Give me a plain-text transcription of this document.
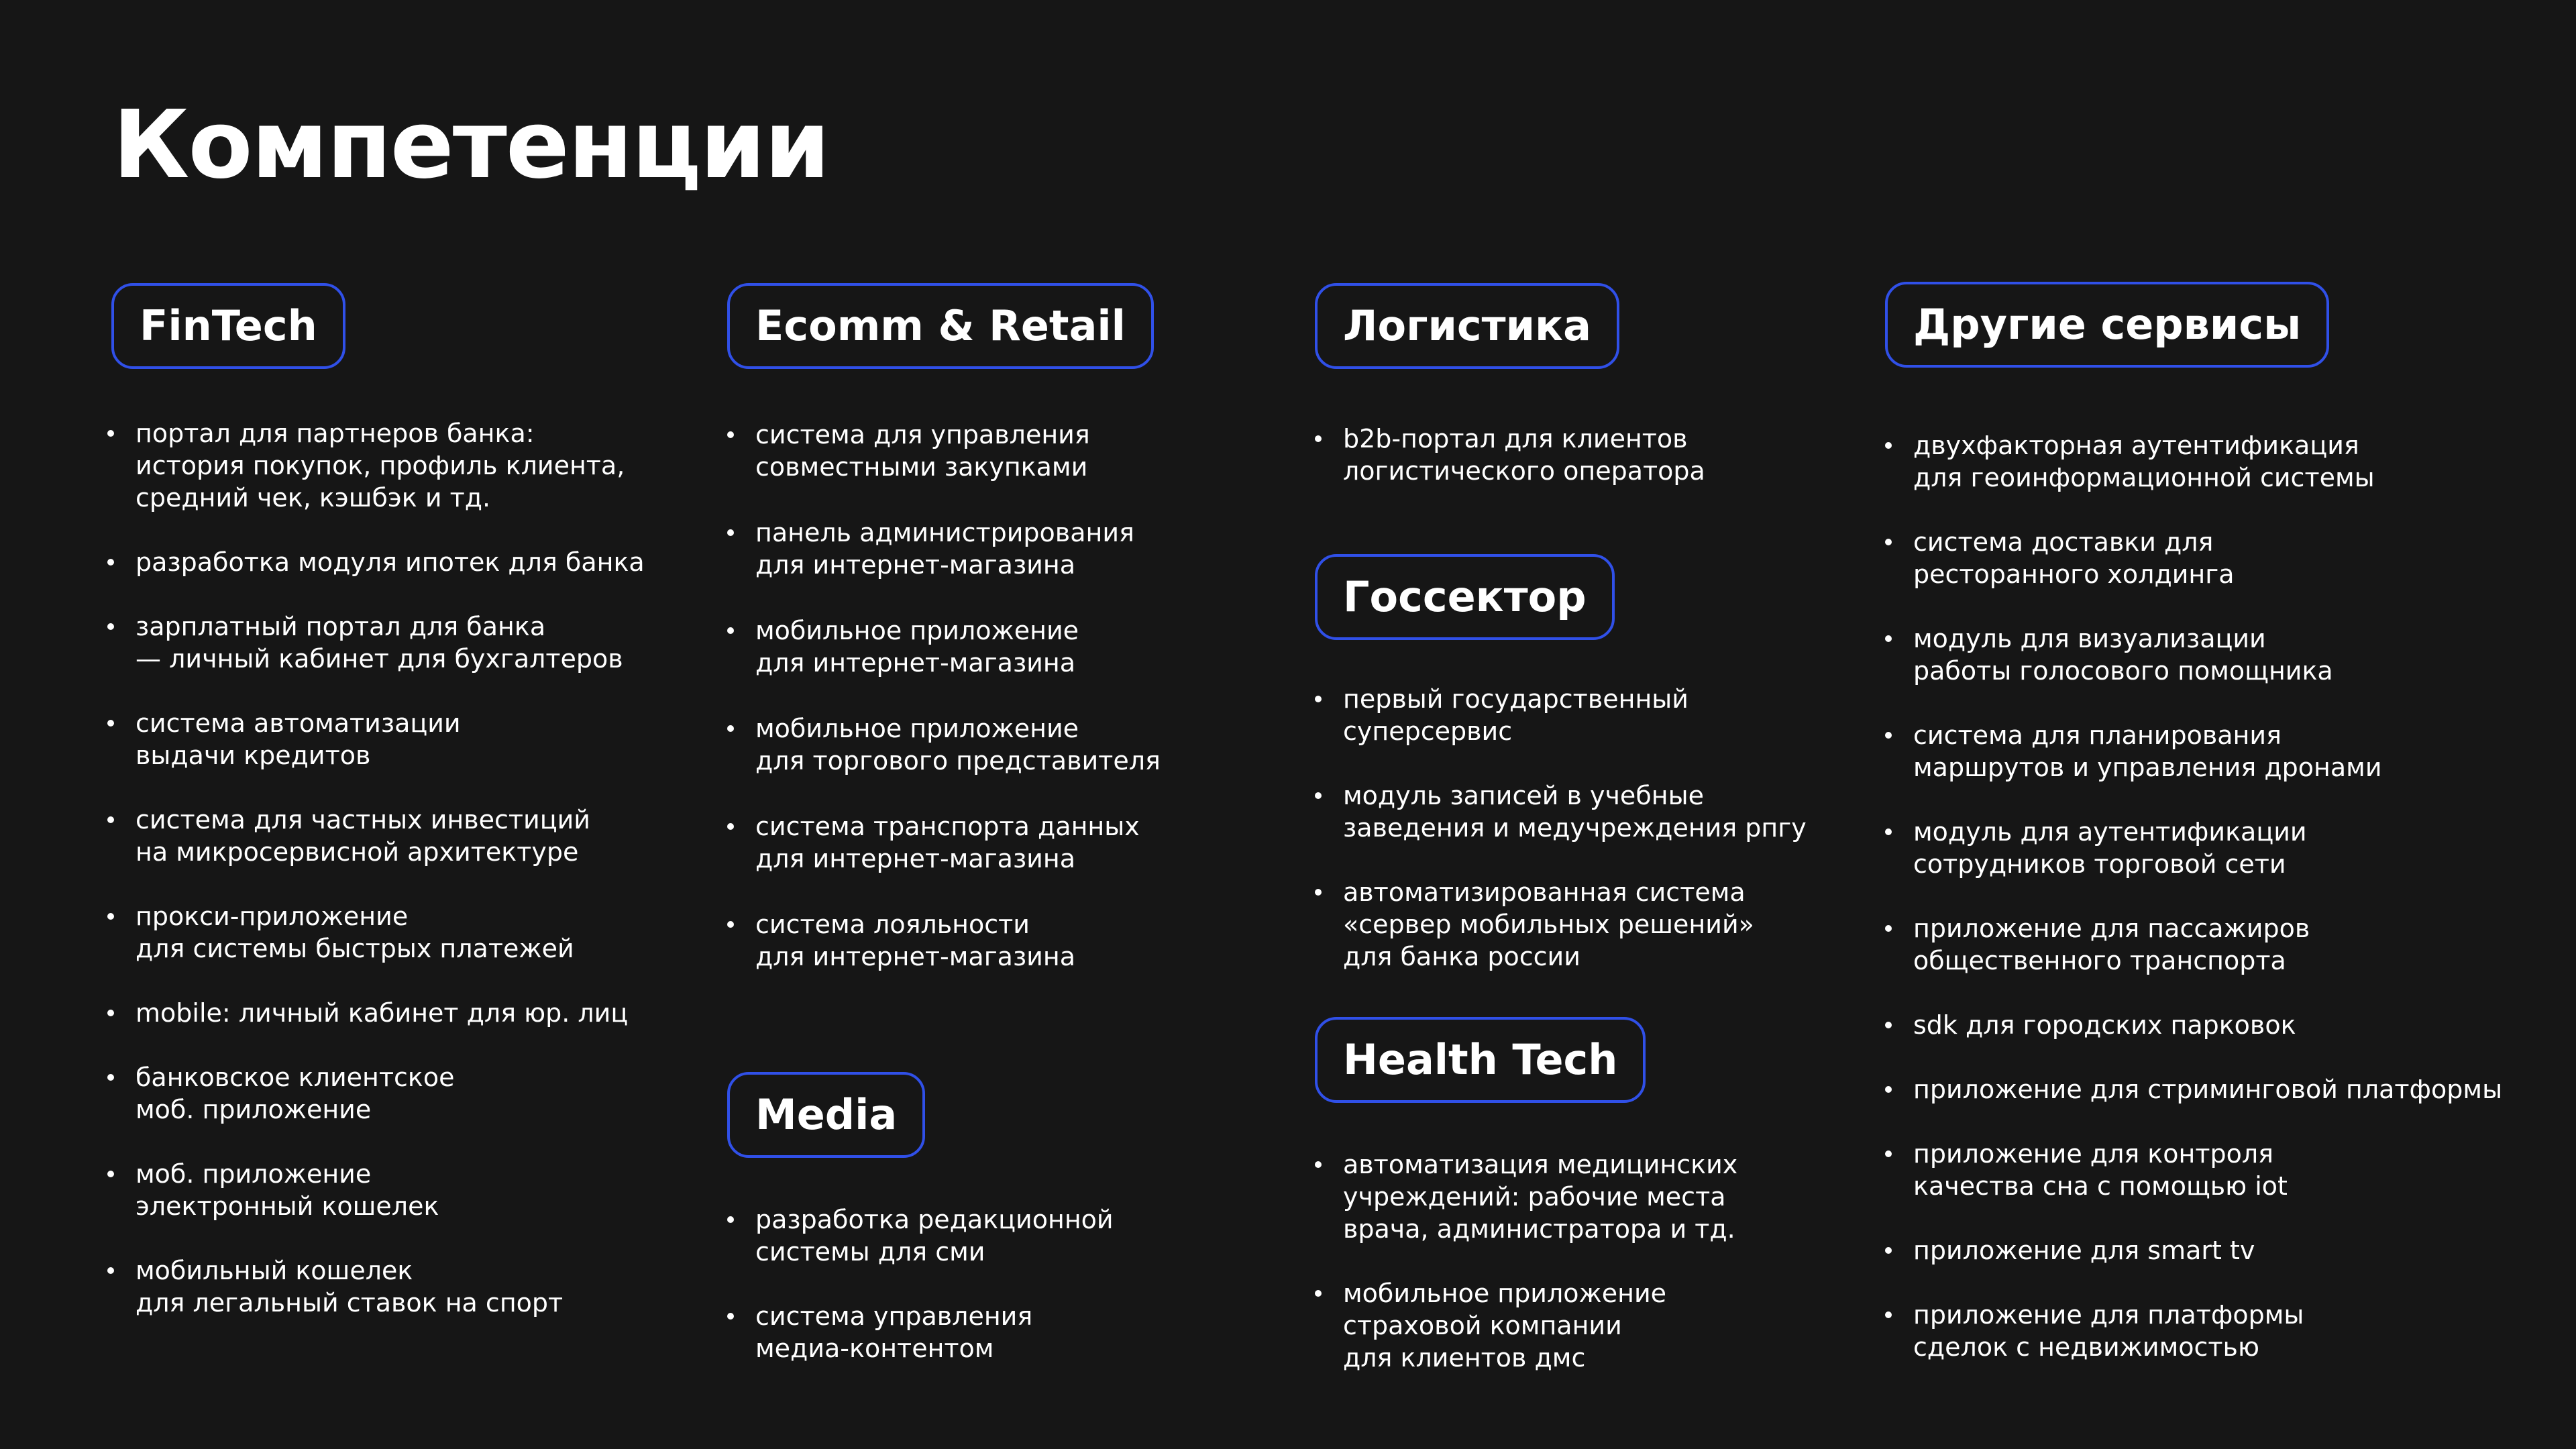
Компетенции
FinTech
портал для партнеров банка:
история покупок, профиль клиента,
средний чек, кэшбэк и тд.
разработка модуля ипотек для банка
зарплатный портал для банка
— личный кабинет для бухгалтеров
система автоматизации
выдачи кредитов
система для частных инвестиций
на микросервисной архитектуре
прокси-приложение
для системы быстрых платежей
mobile: личный кабинет для юр. лиц
банковское клиентское
моб. приложение
моб. приложение
электронный кошелек
мобильный кошелек
для легальный ставок на спорт
Ecomm & Retail
система для управления
совместными закупками
панель администрирования
для интернет-магазина
мобильное приложение
для интернет-магазина
мобильное приложение
для торгового представителя
система транспорта данных
для интернет-магазина
система лояльности
для интернет-магазина
Media
разработка редакционной
системы для сми
система управления
медиа-контентом
Логистика
b2b-портал для клиентов
логистического оператора
Госсектор
первый государственный
суперсервис
модуль записей в учебные
заведения и медучреждения рпгу
автоматизированная система
«сервер мобильных решений»
для банка россии
Health Tech
автоматизация медицинских
учреждений: рабочие места
врача, администратора и тд.
мобильное приложение
страховой компании
для клиентов дмс
Другие сервисы
двухфакторная аутентификация
для геоинформационной системы
система доставки для
ресторанного холдинга
модуль для визуализации
работы голосового помощника
система для планирования
маршрутов и управления дронами
модуль для аутентификации
сотрудников торговой сети
приложение для пассажиров
общественного транспорта
sdk для городских парковок
приложение для стриминговой платформы
приложение для контроля
качества сна с помощью iot
приложение для smart tv
приложение для платформы
сделок с недвижимостью
